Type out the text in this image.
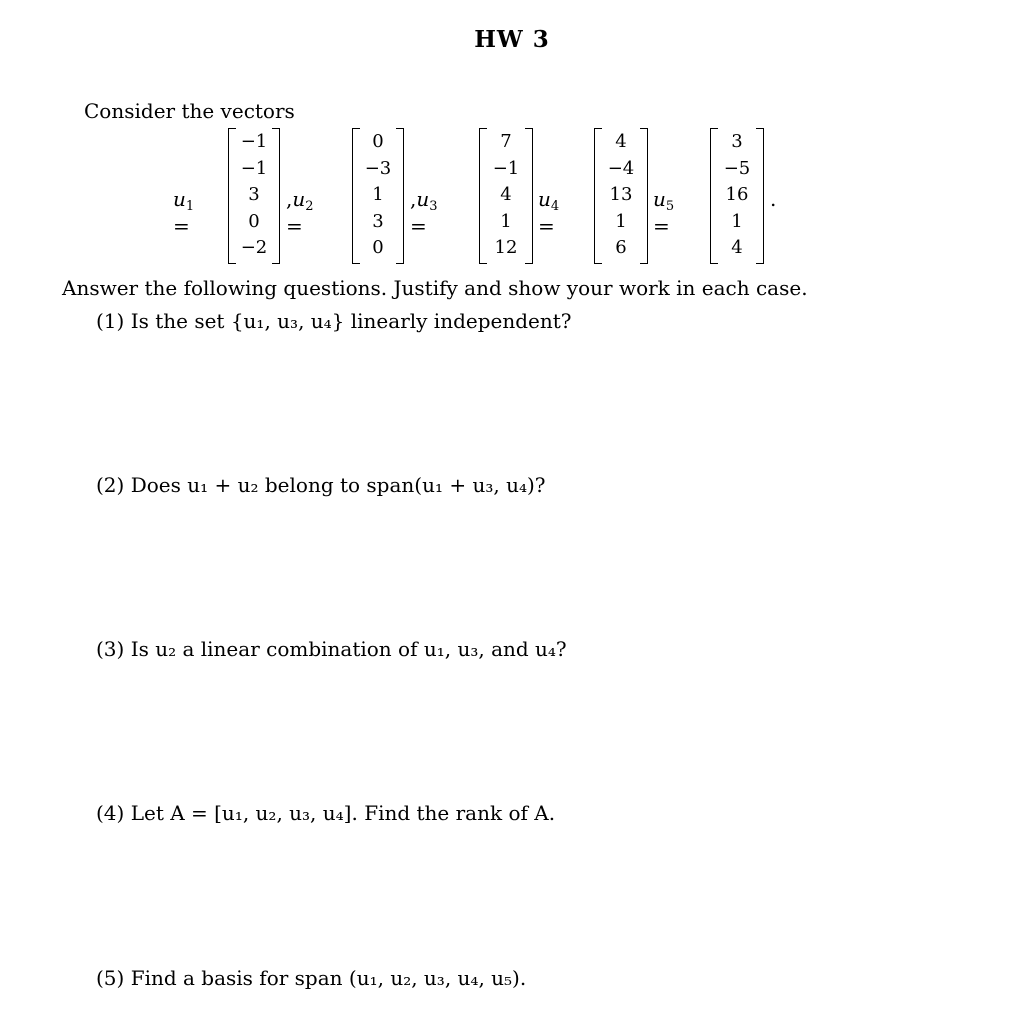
HW 3
Consider the vectors
$u_1$ =
−1
−1
3
0
−2
$,u_2$ =
0
−3
1
3
0
$,u_3$ =
7
−1
4
1
12
$u_4$ =
4
−4
13
1
6
$u_5$ =
3
−5
16
1
4
.
Answer the following questions. Justify and show your work in each case.
(1) Is the set {u₁, u₃, u₄} linearly independent?
(2) Does u₁ + u₂ belong to span(u₁ + u₃, u₄)?
(3) Is u₂ a linear combination of u₁, u₃, and u₄?
(4) Let A = [u₁, u₂, u₃, u₄]. Find the rank of A.
(5) Find a basis for span (u₁, u₂, u₃, u₄, u₅).
